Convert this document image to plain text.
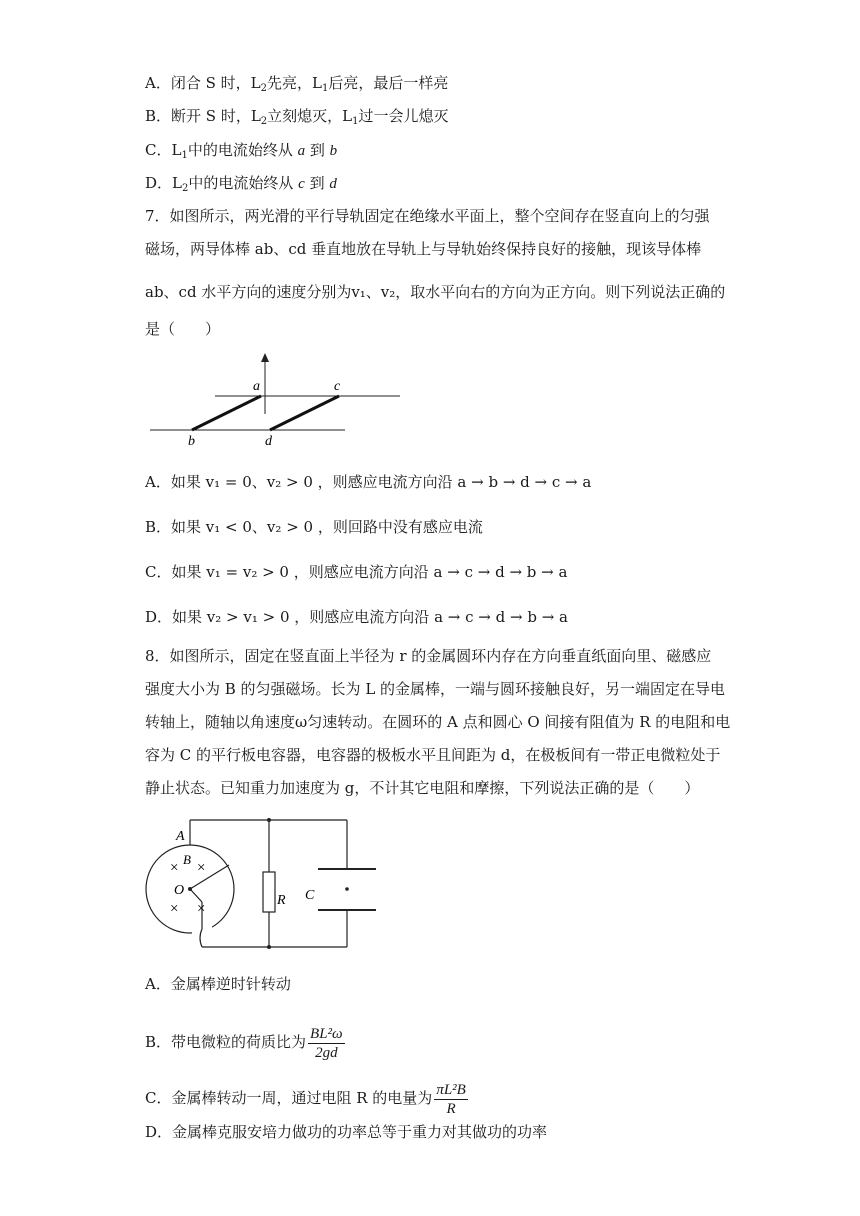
A．闭合 S 时，$L_2$先亮，$L_1$后亮，最后一样亮
B．断开 S 时，$L_2$立刻熄灭，$L_1$过一会儿熄灭
C．$L_1$中的电流始终从 a 到 b
D．$L_2$中的电流始终从 c 到 d
7．如图所示，两光滑的平行导轨固定在绝缘水平面上，整个空间存在竖直向上的匀强
磁场，两导体棒 ab、cd 垂直地放在导轨上与导轨始终保持良好的接触，现该导体棒
ab、cd 水平方向的速度分别为v₁、v₂，取水平向右的方向为正方向。则下列说法正确的
是（　　）
a
b
c
d
A．如果 v₁ = 0、v₂ > 0 ，则感应电流方向沿 a → b → d → c → a
B．如果 v₁ < 0、v₂ > 0 ，则回路中没有感应电流
C．如果 v₁ = v₂ > 0 ，则感应电流方向沿 a → c → d → b → a
D．如果 v₂ > v₁ > 0 ，则感应电流方向沿 a → c → d → b → a
8．如图所示，固定在竖直面上半径为 r 的金属圆环内存在方向垂直纸面向里、磁感应
强度大小为 B 的匀强磁场。长为 L 的金属棒，一端与圆环接触良好，另一端固定在导电
转轴上，随轴以角速度ω匀速转动。在圆环的 A 点和圆心 O 间接有阻值为 R 的电阻和电
容为 C 的平行板电容器，电容器的极板水平且间距为 d，在极板间有一带正电微粒处于
静止状态。已知重力加速度为 g，不计其它电阻和摩擦，下列说法正确的是（　　）
A
B
O
R C
× ×
× ×
A．金属棒逆时针转动
B．带电微粒的荷质比为 $\frac{\text{BL²ω}}{2gd}$
C．金属棒转动一周，通过电阻 R 的电量为 $\frac{\text{πL²B}}{R}$
D．金属棒克服安培力做功的功率总等于重力对其做功的功率
